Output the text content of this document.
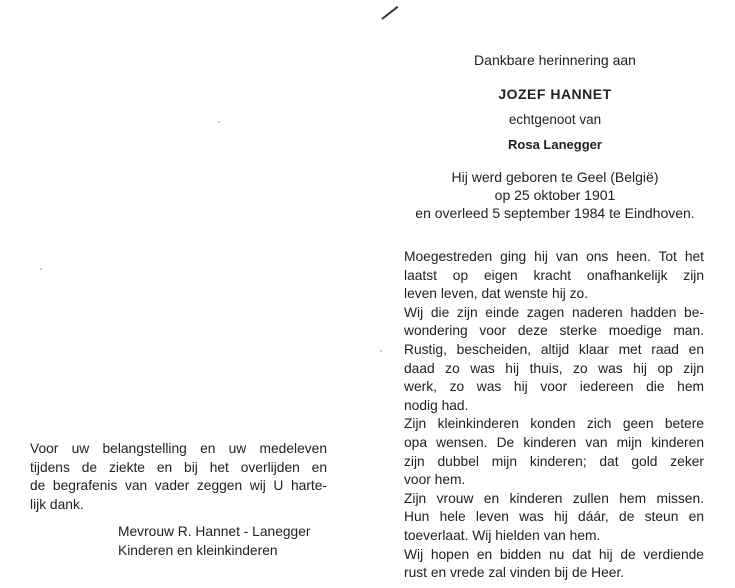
Dankbare herinnering aan
JOZEF HANNET
echtgenoot van
Rosa Lanegger
Hij werd geboren te Geel (België)
op 25 oktober 1901
en overleed 5 september 1984 te Eindhoven.
Moegestreden ging hij van ons heen. Tot het
laatst op eigen kracht onafhankelijk zijn
leven leven, dat wenste hij zo.
Wij die zijn einde zagen naderen hadden be-
wondering voor deze sterke moedige man.
Rustig, bescheiden, altijd klaar met raad en
daad zo was hij thuis, zo was hij op zijn
werk, zo was hij voor iedereen die hem
nodig had.
Zijn kleinkinderen konden zich geen betere
opa wensen. De kinderen van mijn kinderen
zijn dubbel mijn kinderen; dat gold zeker
voor hem.
Zijn vrouw en kinderen zullen hem missen.
Hun hele leven was hij dáár, de steun en
toeverlaat. Wij hielden van hem.
Wij hopen en bidden nu dat hij de verdiende
rust en vrede zal vinden bij de Heer.
Voor uw belangstelling en uw medeleven
tijdens de ziekte en bij het overlijden en
de begrafenis van vader zeggen wij U harte-
lijk dank.
Mevrouw R. Hannet - Lanegger
Kinderen en kleinkinderen
